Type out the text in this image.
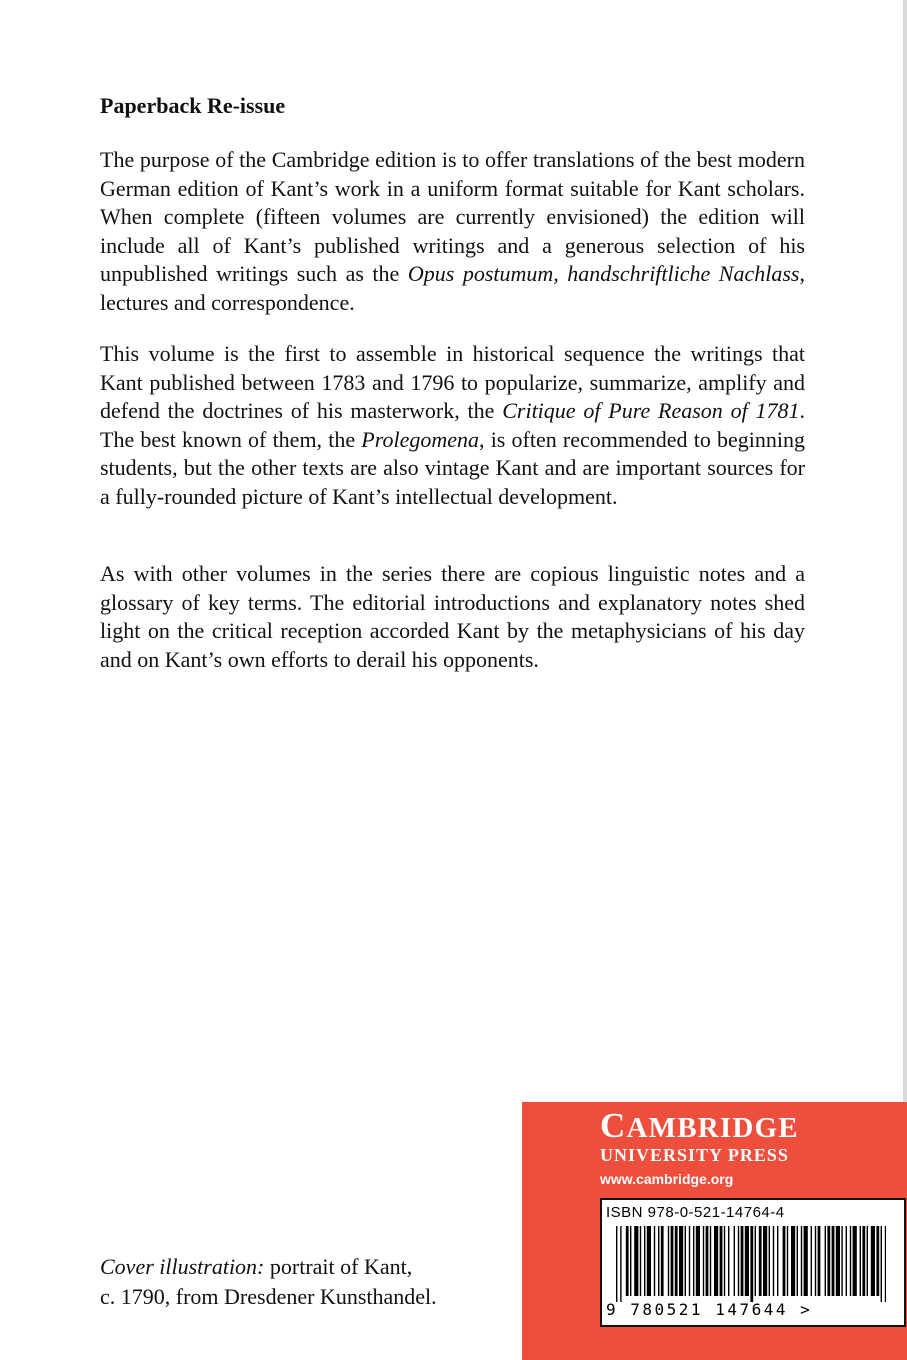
Paperback Re-issue

The purpose of the Cambridge edition is to offer translations of the best modern German edition of Kant’s work in a uniform format suitable for Kant scholars. When complete (fifteen volumes are currently envisioned) the edition will include all of Kant’s published writings and a generous selection of his unpublished writings such as the Opus postumum, handschriftliche Nachlass, lectures and correspondence.

This volume is the first to assemble in historical sequence the writings that Kant published between 1783 and 1796 to popularize, summarize, amplify and defend the doctrines of his masterwork, the Critique of Pure Reason of 1781. The best known of them, the Prolegomena, is often recommended to beginning students, but the other texts are also vintage Kant and are important sources for a fully-rounded picture of Kant’s intellectual development.

As with other volumes in the series there are copious linguistic notes and a glossary of key terms. The editorial introductions and explanatory notes shed light on the critical reception accorded Kant by the metaphysicians of his day and on Kant’s own efforts to derail his opponents.

Cover illustration: portrait of Kant,
c. 1790, from Dresdener Kunsthandel.
CAMBRIDGE
UNIVERSITY PRESS
www.cambridge.org
ISBN 978-0-521-14764-4
9 780521 147644 >
